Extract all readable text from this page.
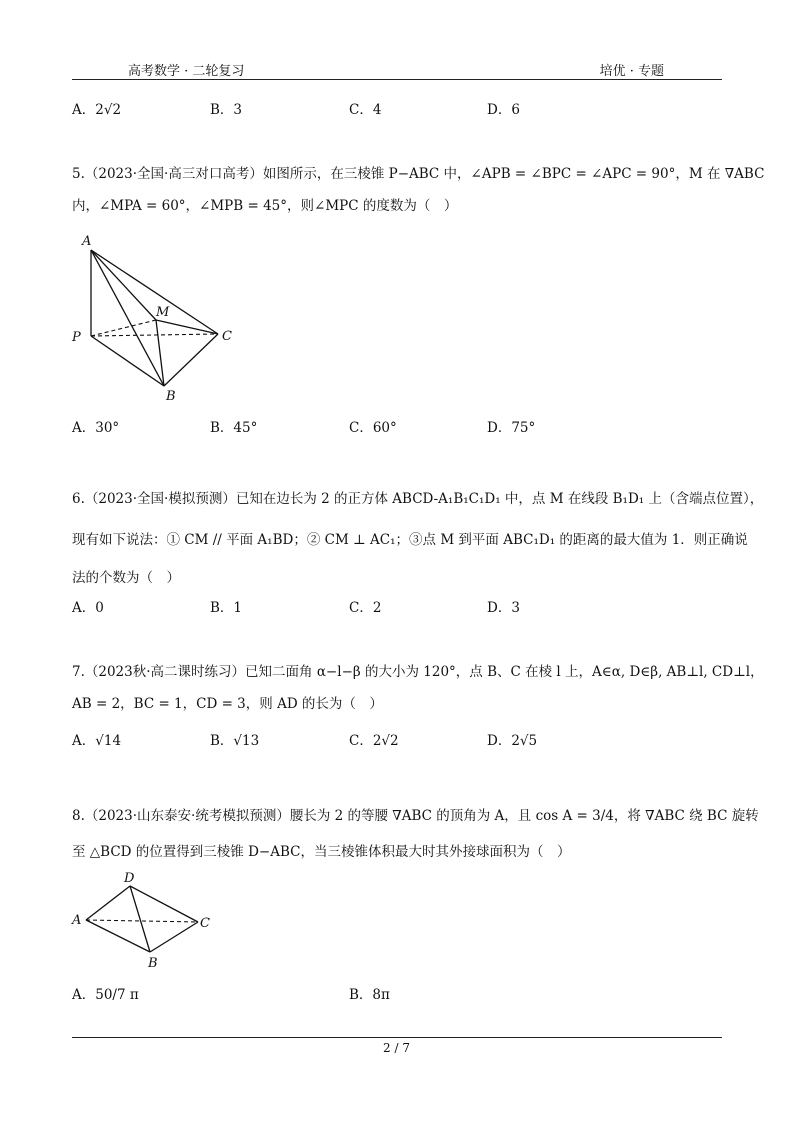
高考数学 · 二轮复习	培优 · 专题
A．2√2	B．3	C．4	D．6
5.（2023·全国·高三对口高考）如图所示，在三棱锥 P−ABC 中，∠APB = ∠BPC = ∠APC = 90°，M 在 ∇ABC
内，∠MPA = 60°，∠MPB = 45°，则∠MPC 的度数为（　）
A
M
P	C
B
A．30°	B．45°	C．60°	D．75°
6.（2023·全国·模拟预测）已知在边长为 2 的正方体 ABCD-A₁B₁C₁D₁ 中，点 M 在线段 B₁D₁ 上（含端点位置），
现有如下说法：① CM // 平面 A₁BD；② CM ⊥ AC₁；③点 M 到平面 ABC₁D₁ 的距离的最大值为 1．则正确说
法的个数为（　）
A．0	B．1	C．2	D．3
7.（2023秋·高二课时练习）已知二面角 α−l−β 的大小为 120°，点 B、C 在棱 l 上，A∈α, D∈β, AB⊥l, CD⊥l，
AB = 2，BC = 1，CD = 3，则 AD 的长为（　）
A．√14	B．√13	C．2√2	D．2√5
8.（2023·山东泰安·统考模拟预测）腰长为 2 的等腰 ∇ABC 的顶角为 A，且 cos A = 3/4，将 ∇ABC 绕 BC 旋转
至 △BCD 的位置得到三棱锥 D−ABC，当三棱锥体积最大时其外接球面积为（　）
D
A	C
B
A．50/7 π	B．8π
2 / 7
